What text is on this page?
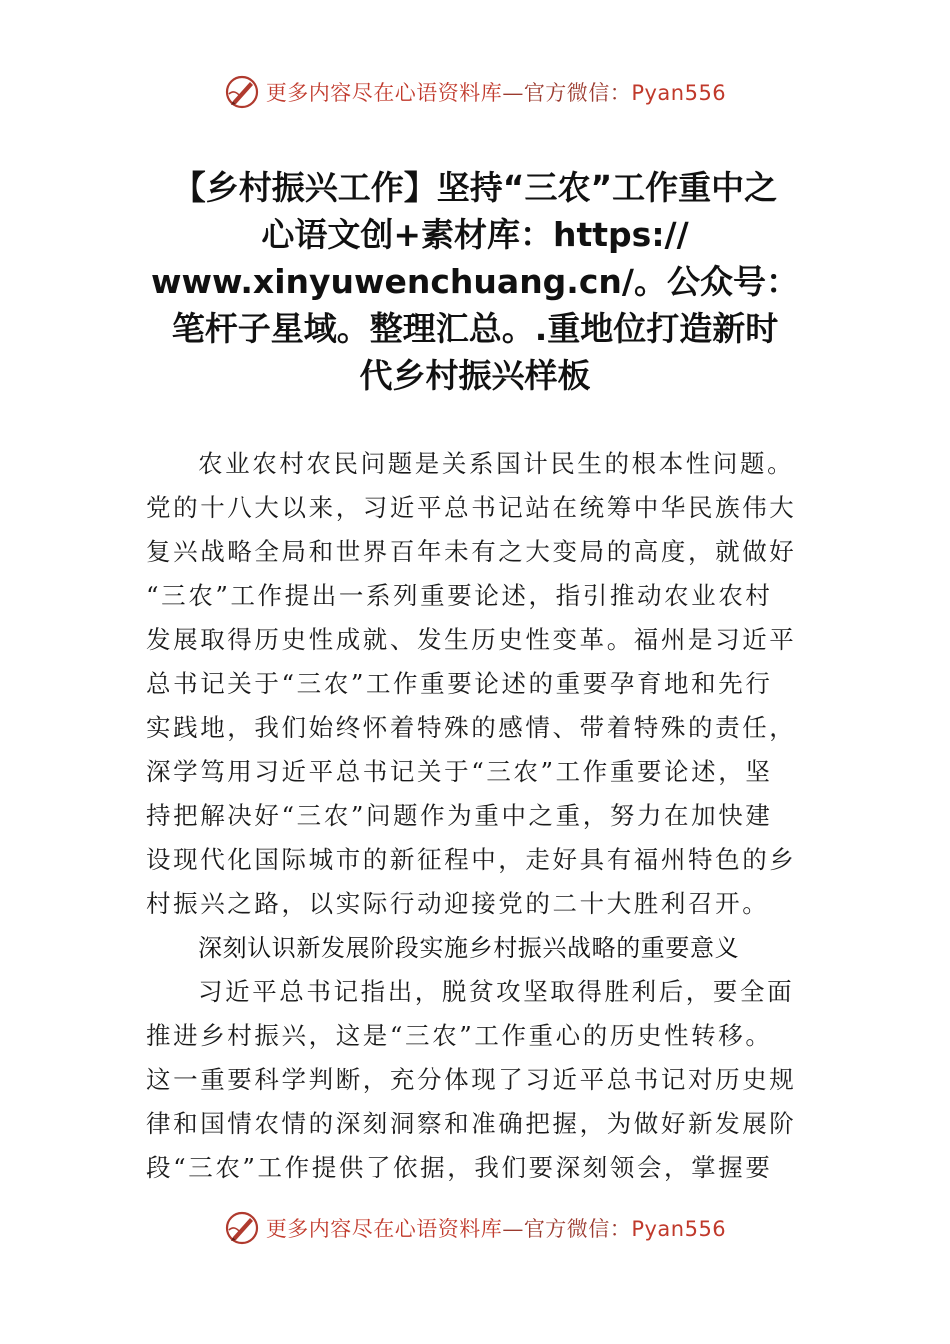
更多内容尽在心语资料库—官方微信：Pyan556
【乡村振兴工作】坚持“三农”工作重中之
心语文创+素材库：https://
www.xinyuwenchuang.cn/。公众号：
笔杆子星域。整理汇总。.重地位打造新时
代乡村振兴样板
农业农村农民问题是关系国计民生的根本性问题。
党的十八大以来，习近平总书记站在统筹中华民族伟大
复兴战略全局和世界百年未有之大变局的高度，就做好
“三农”工作提出一系列重要论述，指引推动农业农村
发展取得历史性成就、发生历史性变革。福州是习近平
总书记关于“三农”工作重要论述的重要孕育地和先行
实践地，我们始终怀着特殊的感情、带着特殊的责任，
深学笃用习近平总书记关于“三农”工作重要论述，坚
持把解决好“三农”问题作为重中之重，努力在加快建
设现代化国际城市的新征程中，走好具有福州特色的乡
村振兴之路，以实际行动迎接党的二十大胜利召开。
深刻认识新发展阶段实施乡村振兴战略的重要意义
习近平总书记指出，脱贫攻坚取得胜利后，要全面
推进乡村振兴，这是“三农”工作重心的历史性转移。
这一重要科学判断，充分体现了习近平总书记对历史规
律和国情农情的深刻洞察和准确把握，为做好新发展阶
段“三农”工作提供了依据，我们要深刻领会，掌握要
更多内容尽在心语资料库—官方微信：Pyan556
